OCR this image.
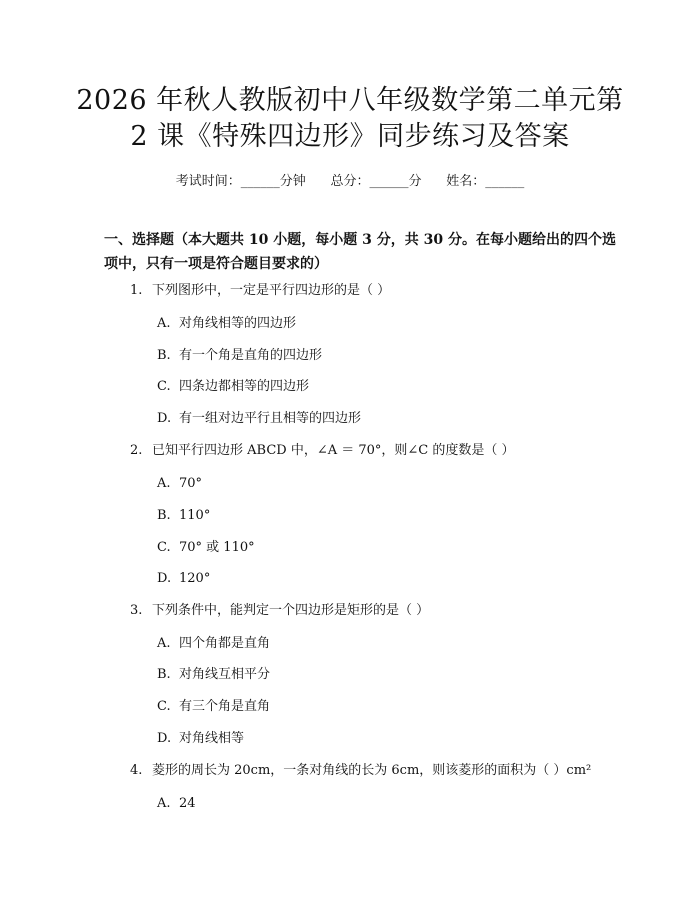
2026 年秋人教版初中八年级数学第二单元第
2 课《特殊四边形》同步练习及答案
考试时间：______分钟      总分：______分      姓名：______
一、选择题（本大题共 10 小题，每小题 3 分，共 30 分。在每小题给出的四个选
项中，只有一项是符合题目要求的）
1. 下列图形中，一定是平行四边形的是（ ）
A. 对角线相等的四边形
B. 有一个角是直角的四边形
C. 四条边都相等的四边形
D. 有一组对边平行且相等的四边形
2. 已知平行四边形 ABCD 中，∠A ＝ 70°，则∠C 的度数是（ ）
A. 70°
B. 110°
C. 70° 或 110°
D. 120°
3. 下列条件中，能判定一个四边形是矩形的是（ ）
A. 四个角都是直角
B. 对角线互相平分
C. 有三个角是直角
D. 对角线相等
4. 菱形的周长为 20cm，一条对角线的长为 6cm，则该菱形的面积为（ ）cm²
A. 24
